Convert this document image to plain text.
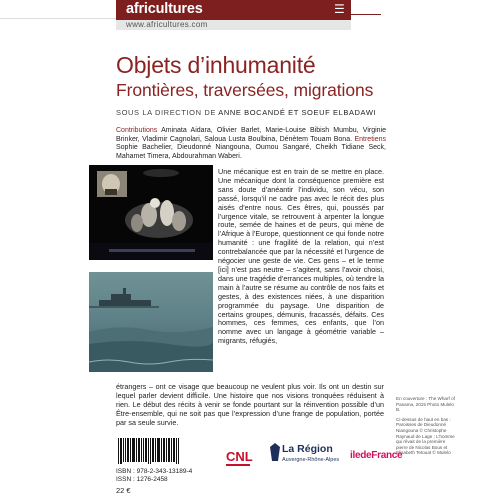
africultures	☰
www.africultures.com
Objets d’inhumanité
Frontières, traversées, migrations
SOUS LA DIRECTION DE ANNE BOCANDÉ ET SOEUF ELBADAWI
Contributions Aminata Aidara, Olivier Barlet, Marie-Louise Bibish Mumbu, Virginie Brinker, Vladimir Cagnolari, Saloua Lusta Boulbina, Dénètem Touam Bona. Entretiens Sophie Bachelier, Dieudonné Niangouna, Oumou Sangaré, Cheikh Tidiane Seck, Mahamet Timera, Abdourahman Waberi.
Une mécanique est en train de se mettre en place. Une mécanique dont la conséquence première est sans doute d’anéantir l’individu, son vécu, son passé, lorsqu’il ne cadre pas avec le récit des plus aisés d’entre nous. Ces êtres, qui, poussés par l’urgence vitale, se retrouvent à arpenter la longue route, semée de haines et de peurs, qui mène de l’Afrique à l’Europe, questionnent ce qui fonde notre humanité : une fragilité de la relation, qui n’est contrebalancée que par la nécessité et l’urgence de négocier une geste de vie. Ces gens – et le terme [ici] n’est pas neutre – s’agitent, sans l’avoir choisi, dans une tragédie d’errances multiples, où tendre la main à l’autre se résume au contrôle de nos faits et gestes, à des existences niées, à une disparition programmée du paysage. Une disparition de certains groupes, démunis, fracassés, défaits. Ces hommes, ces femmes, ces enfants, que l’on nomme avec un langage à géométrie variable – migrants, réfugiés,
étrangers – ont ce visage que beaucoup ne veulent plus voir. Ils ont un destin sur lequel parler devient difficile. Une histoire que nos visions tronquées réduisent à rien. Le début des récits à venir se fonde pourtant sur la réinvention possible d’un Être-ensemble, qui ne soit pas que l’expression d’une frange de population, portée par sa seule survie.

En couverture : The Wharf of Panama, 2015 Photo Mulelo B.

Ci-dessus de haut en bas : Paroisses de Dieudonné Niangouna © Christophe Raynaud de Lage ; L’homme qui rêvait de la première pierre de Nicolas Bous et Elisabeth Tetouat © Mulelo

ISBN : 978-2-343-13189-4
ISSN : 1276-2458
22 €
CNL	La Région
Auvergne-Rhône-Alpes iledeFrance
